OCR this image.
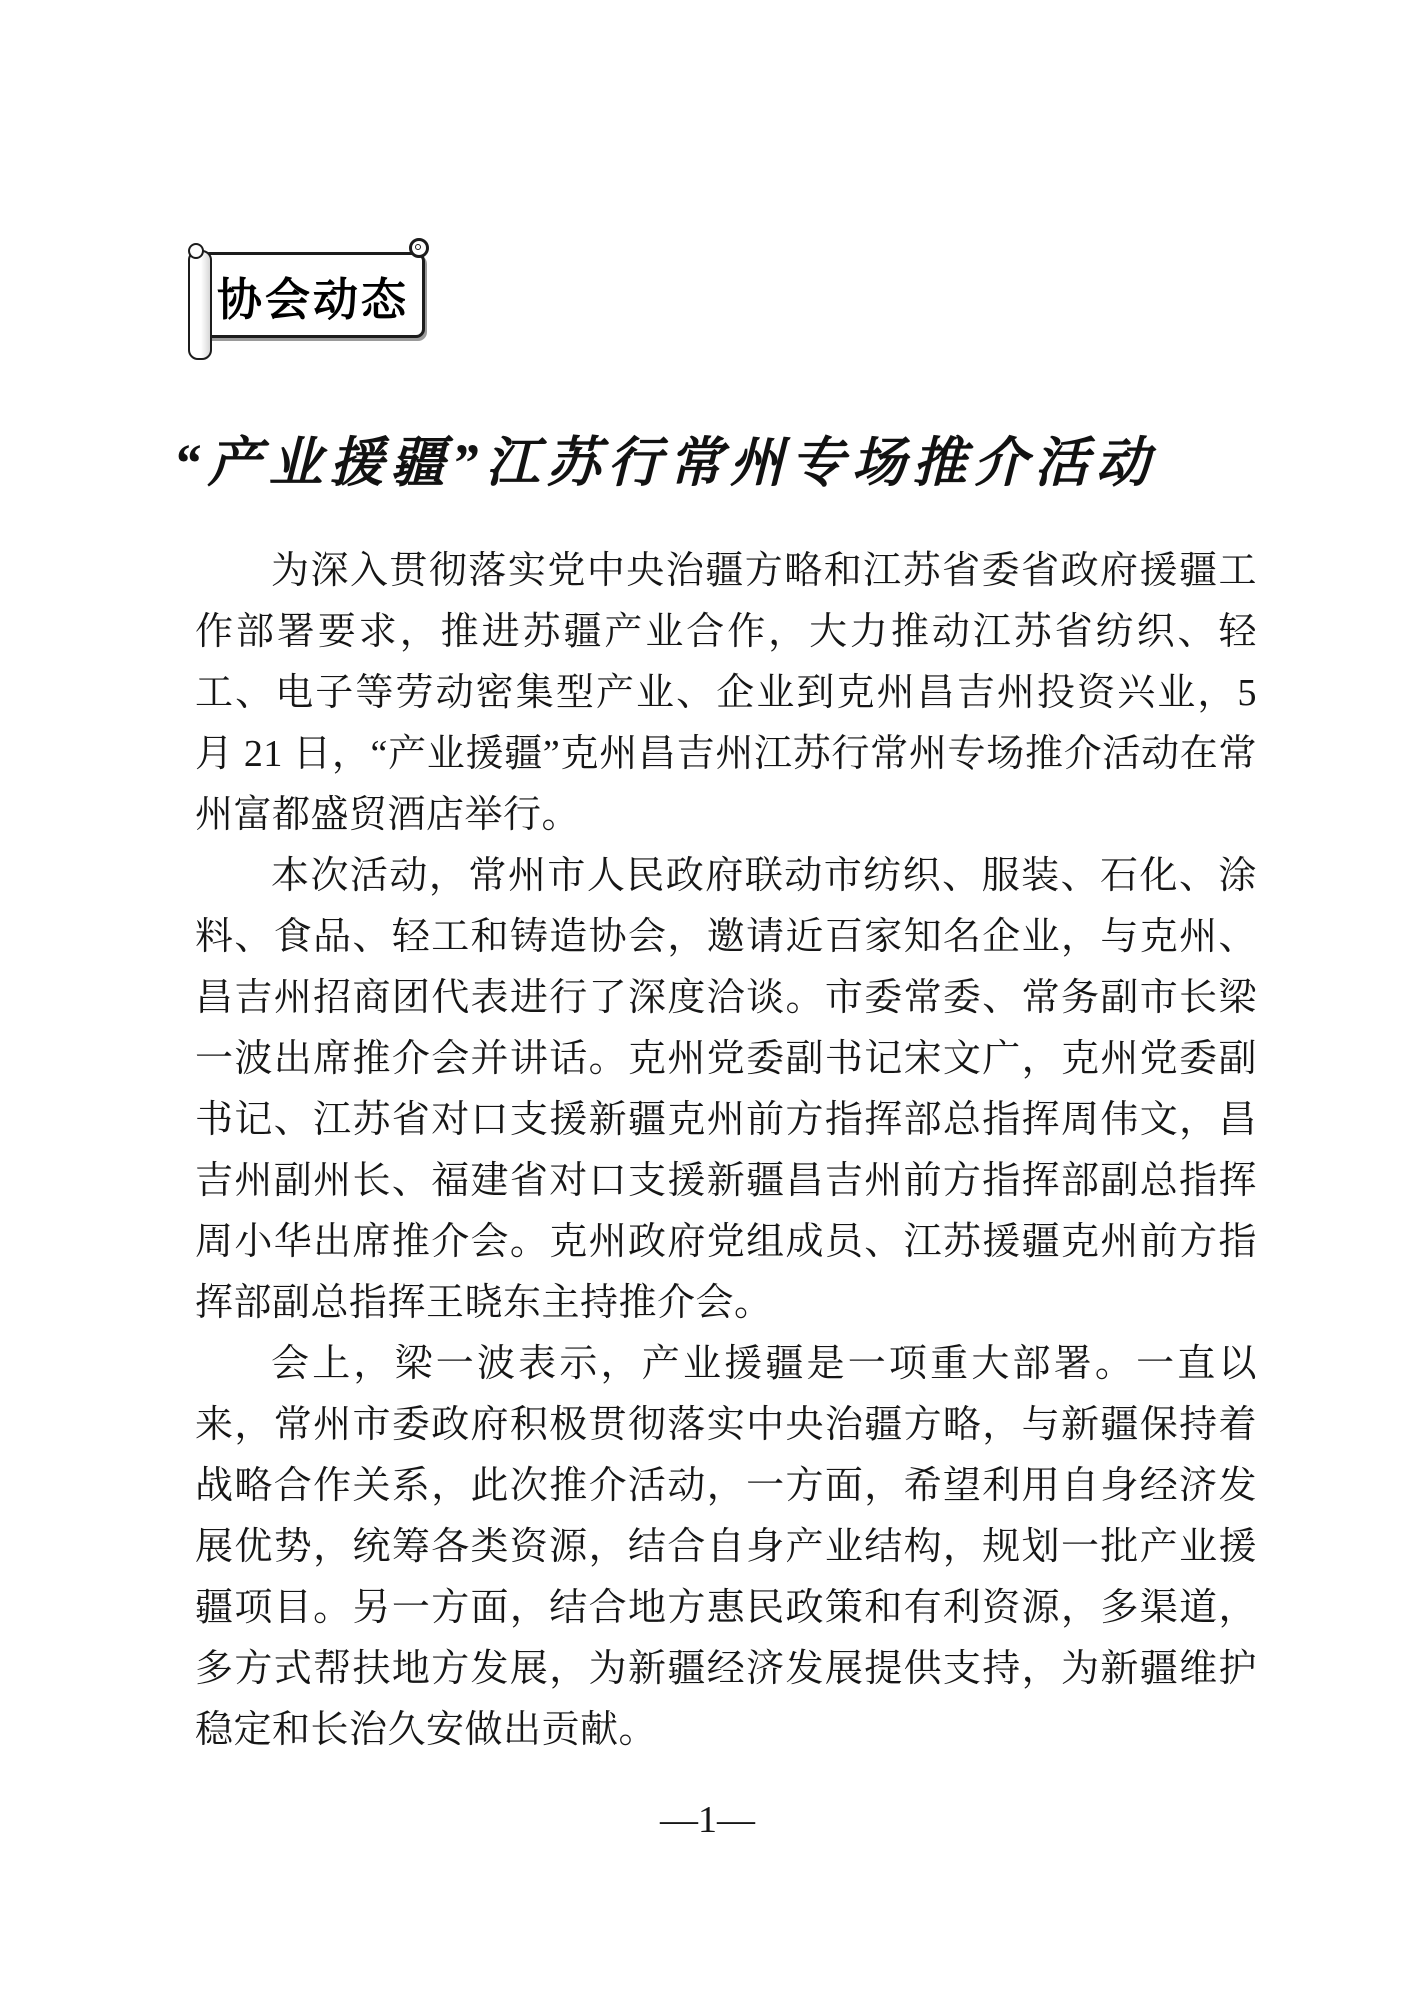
协会动态
“产业援疆”江苏行常州专场推介活动

为深入贯彻落实党中央治疆方略和江苏省委省政府援疆工作部署要求，推进苏疆产业合作，大力推动江苏省纺织、轻工、电子等劳动密集型产业、企业到克州昌吉州投资兴业，5 月 21 日，“产业援疆”克州昌吉州江苏行常州专场推介活动在常州富都盛贸酒店举行。

本次活动，常州市人民政府联动市纺织、服装、石化、涂料、食品、轻工和铸造协会，邀请近百家知名企业，与克州、昌吉州招商团代表进行了深度洽谈。市委常委、常务副市长梁一波出席推介会并讲话。克州党委副书记宋文广，克州党委副书记、江苏省对口支援新疆克州前方指挥部总指挥周伟文，昌吉州副州长、福建省对口支援新疆昌吉州前方指挥部副总指挥周小华出席推介会。克州政府党组成员、江苏援疆克州前方指挥部副总指挥王晓东主持推介会。

会上，梁一波表示，产业援疆是一项重大部署。一直以来，常州市委政府积极贯彻落实中央治疆方略，与新疆保持着战略合作关系，此次推介活动，一方面，希望利用自身经济发展优势，统筹各类资源，结合自身产业结构，规划一批产业援疆项目。另一方面，结合地方惠民政策和有利资源，多渠道，多方式帮扶地方发展，为新疆经济发展提供支持，为新疆维护稳定和长治久安做出贡献。

—1—
